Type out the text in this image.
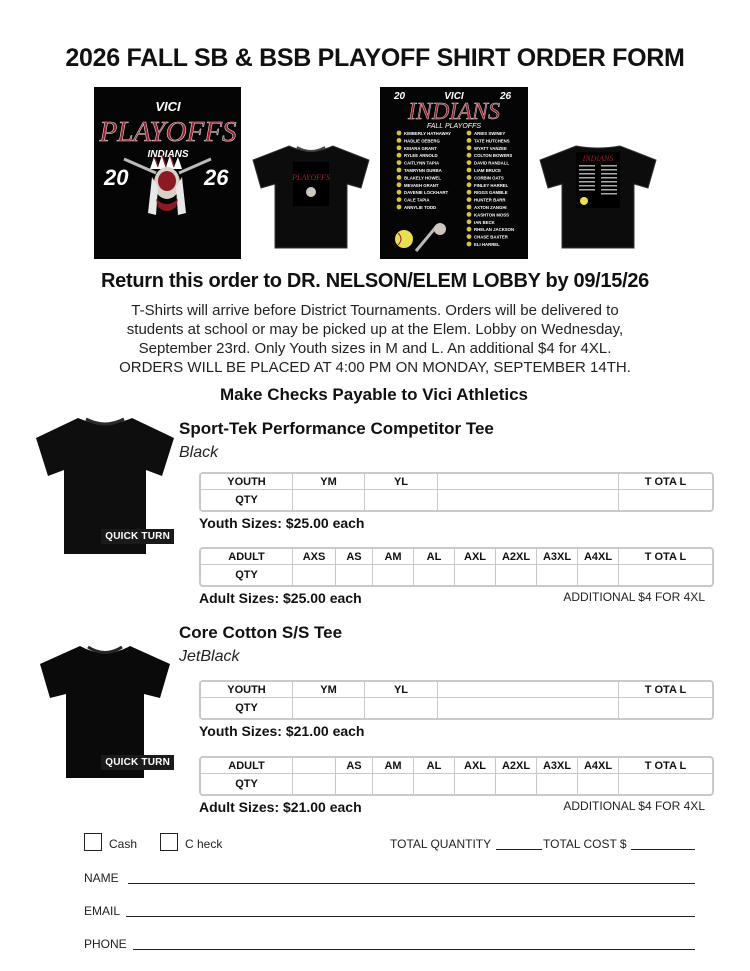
2026 FALL SB & BSB PLAYOFF SHIRT ORDER FORM
VICI
PLAYOFFS
INDIANS
20	26	PLAYOFFS
20	VICI	26
INDIANS
FALL PLAYOFFS
KIMBERLY HATHAWAY
HADLIE OEBERG
KEIARA GRANT
RYLEE ARNOLD
CAITLYNN TAPIA
TAMRYNN DURBA
BLAKELY HOWEL
MEVAEH GRANT
DAVENIE LOCKHART
CALE TAPIA
ANNYLIE TODD
ARIES SWINEY
TATE HUTCHENS
WYATT VANZEE
COLTON BOWERS
DAVID RANDALL
LIAM BRUCE
CORBIN OATS
FINLEY HARREL
RIGGS GAMBLE
HUNTER BARR
AXTON ZANGHI
KASHTON MOSS
IAN BECK
RHELAN JACKSON
CHASE BAXTER
ELI HARREL
INDIANS
Return this order to DR. NELSON/ELEM LOBBY by 09/15/26
T-Shirts will arrive before District Tournaments. Orders will be delivered to students at school or may be picked up at the Elem. Lobby on Wednesday, September 23rd. Only Youth sizes in M and L. An additional $4 for 4XL. ORDERS WILL BE PLACED AT 4:00 PM ON MONDAY, SEPTEMBER 14TH.
Make Checks Payable to Vici Athletics
QUICK TURN
Sport-Tek Performance Competitor Tee
Black
YOUTH	YM	YL		T OTA L
QTY				
Youth Sizes: $25.00 each
ADULT	AXS	AS	AM	AL	AXL	A2XL	A3XL	A4XL	T OTA L
QTY									
Adult Sizes: $25.00 each	ADDITIONAL $4 FOR 4XL
QUICK TURN
Core Cotton S/S Tee
JetBlack
YOUTH	YM	YL		T OTA L
QTY				
Youth Sizes: $21.00 each
ADULT		AS	AM	AL	AXL	A2XL	A3XL	A4XL	T OTA L
QTY									
Adult Sizes: $21.00 each	ADDITIONAL $4 FOR 4XL
Cash	C heck	TOTAL QUANTITY	TOTAL COST $
NAME
EMAIL
PHONE
